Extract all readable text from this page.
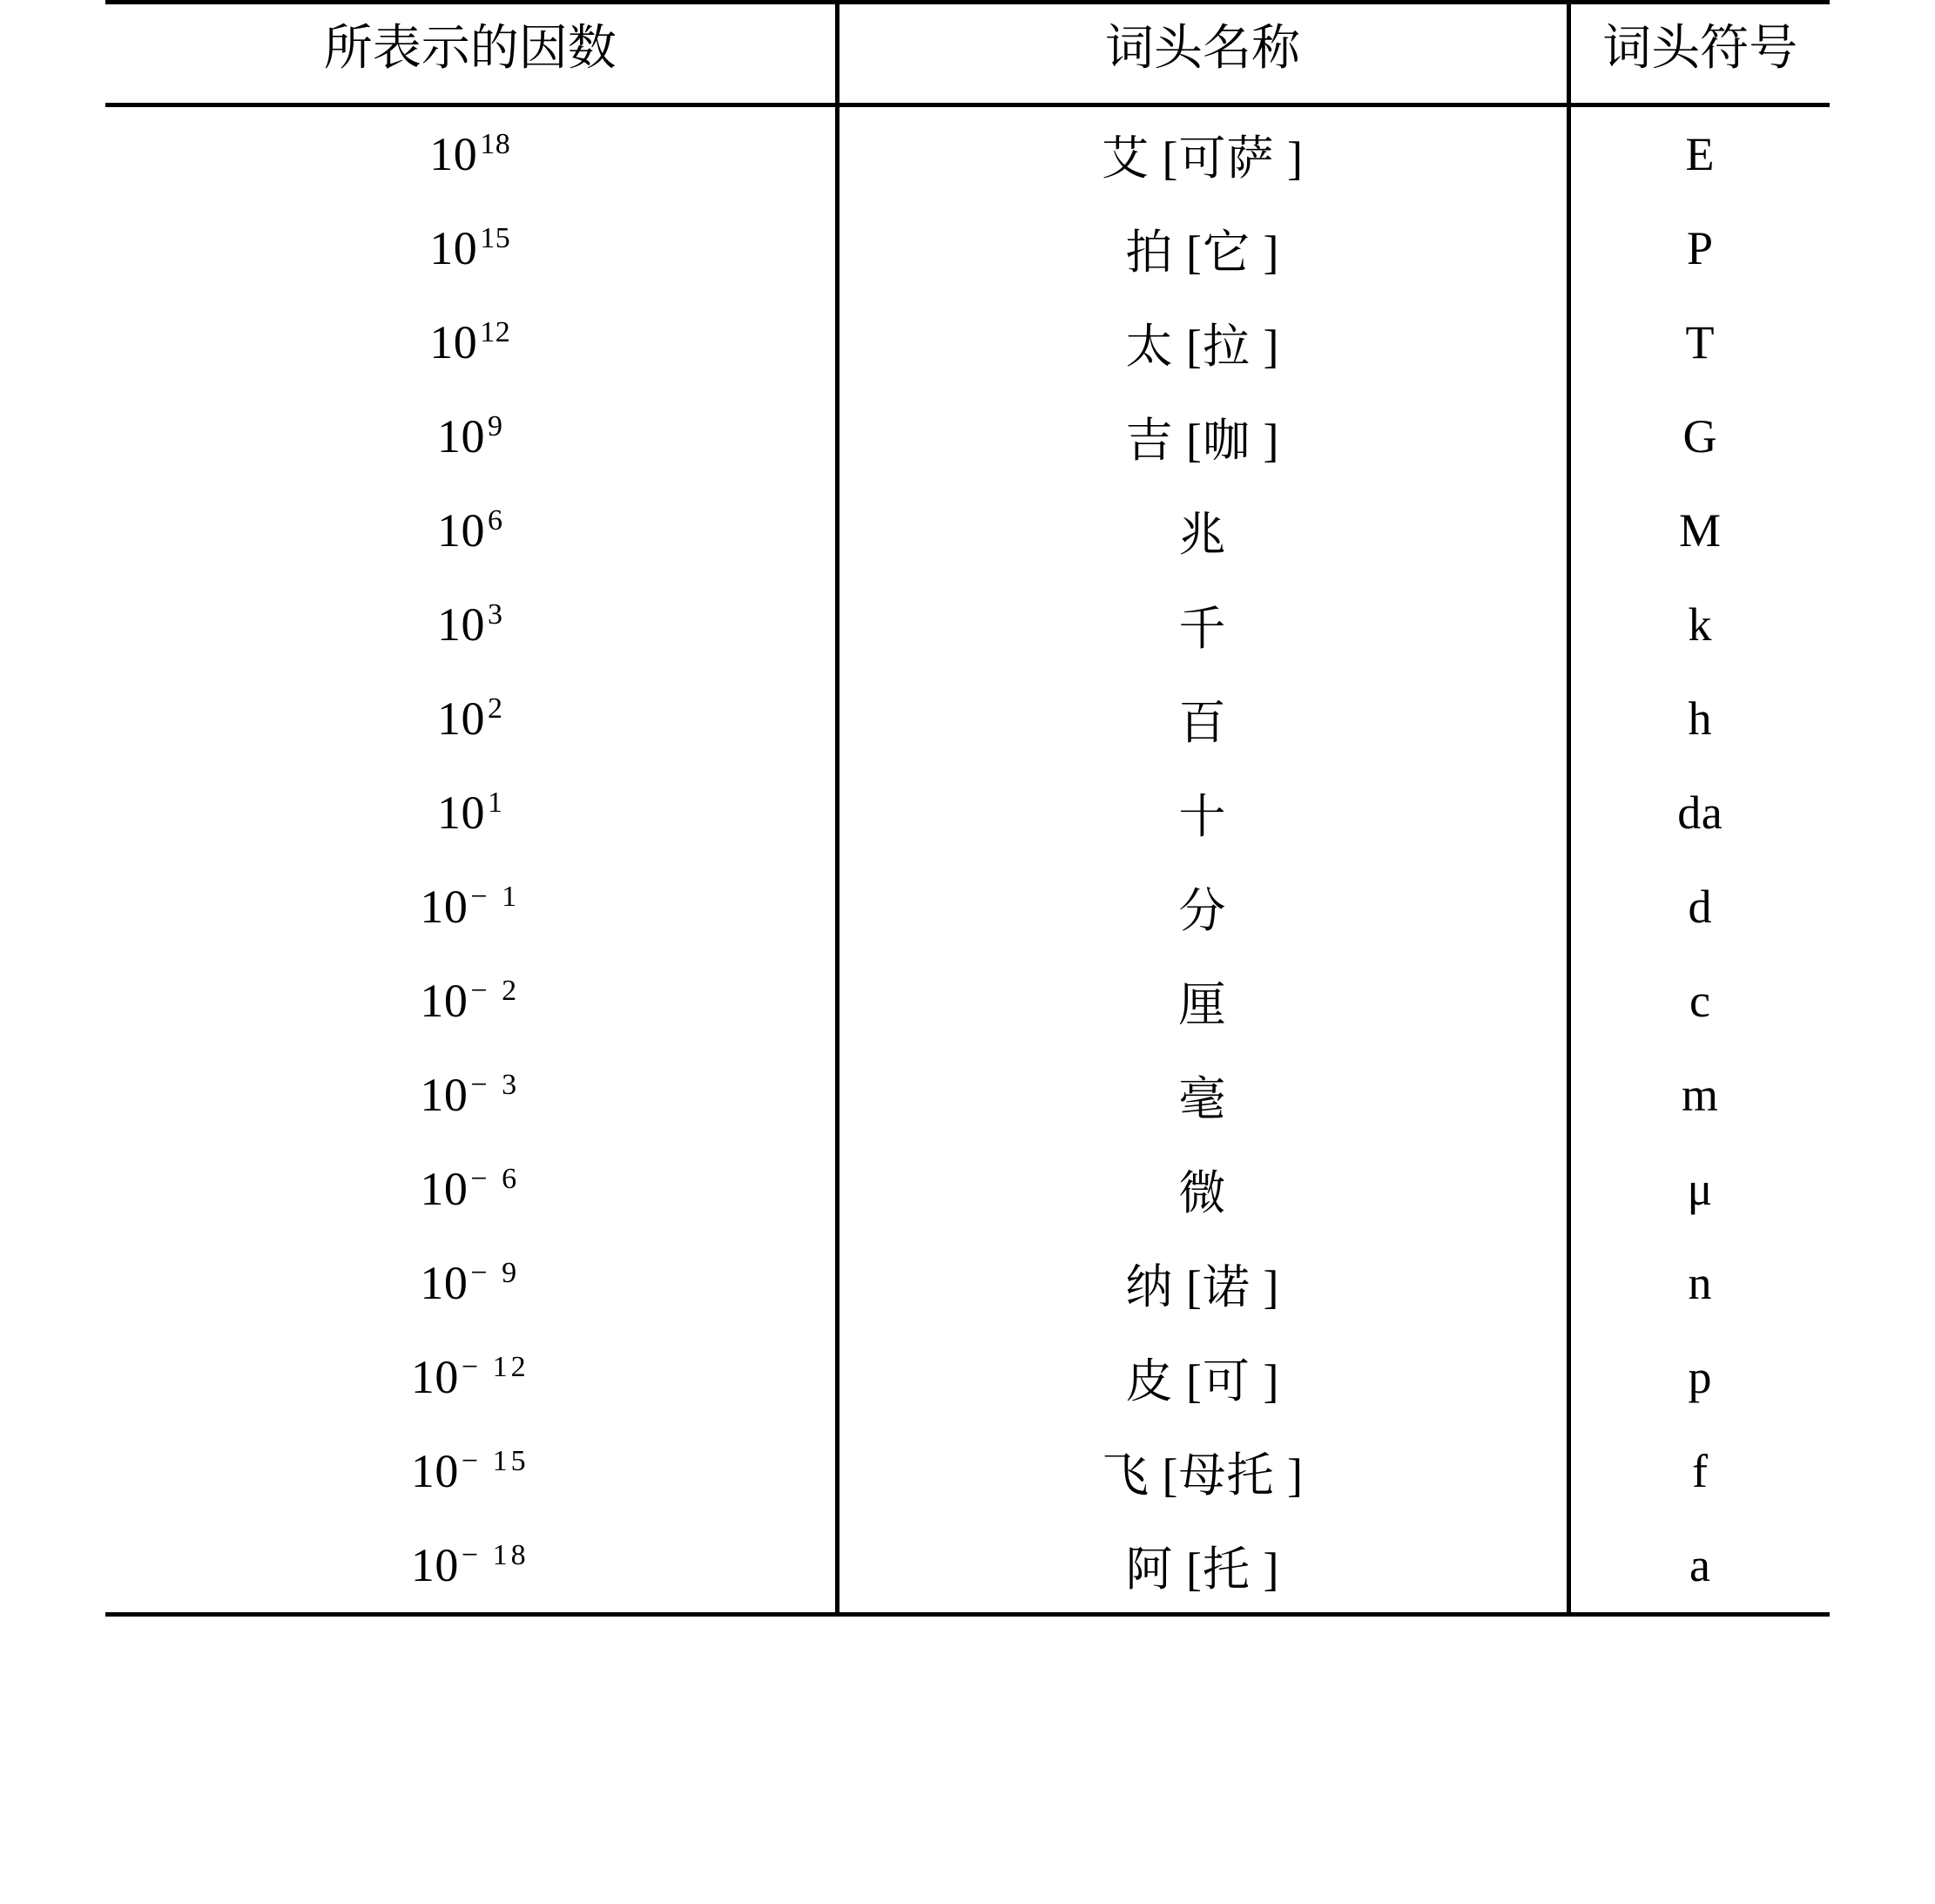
所表示的因数	词头名称	词头符号
$10^{18}$	艾 [可萨 ]	E
$10^{15}$	拍 [它 ]	P
$10^{12}$	太 [拉 ]	T
$10^9$	吉 [咖 ]	G
$10^6$	兆	M
$10^3$	千	k
$10^2$	百	h
$10^1$	十	da
$10^{- 1}$	分	d
$10^{- 2}$	厘	c
$10^{- 3}$	毫	m
$10^{- 6}$	微	μ
$10^{- 9}$	纳 [诺 ]	n
$10^{- 12}$	皮 [可 ]	p
$10^{- 15}$	飞 [母托 ]	f
$10^{- 18}$	阿 [托 ]	a
